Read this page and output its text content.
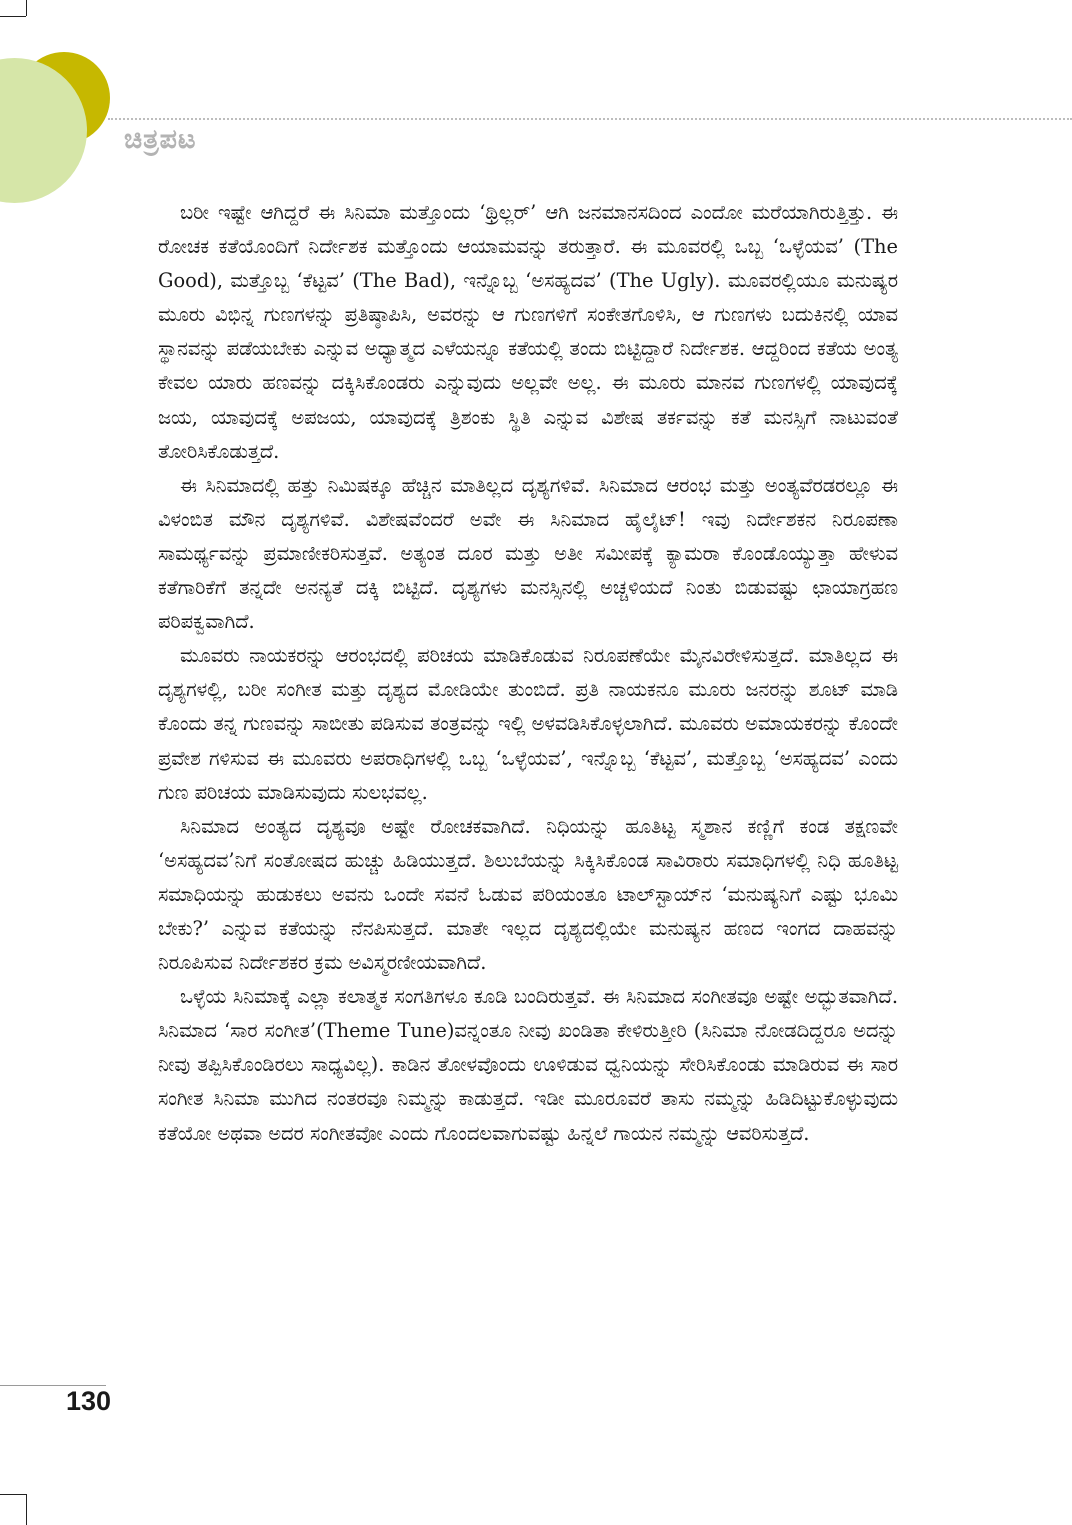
ಚಿತ್ರಪಟ

ಬರೀ ಇಷ್ಟೇ ಆಗಿದ್ದರೆ ಈ ಸಿನಿಮಾ ಮತ್ತೊಂದು ‘ಥ್ರಿಲ್ಲರ್’ ಆಗಿ ಜನಮಾನಸದಿಂದ ಎಂದೋ ಮರೆಯಾಗಿರುತ್ತಿತ್ತು. ಈ ರೋಚಕ ಕತೆಯೊಂದಿಗೆ ನಿರ್ದೇಶಕ ಮತ್ತೊಂದು ಆಯಾಮವನ್ನು ತರುತ್ತಾರೆ. ಈ ಮೂವರಲ್ಲಿ ಒಬ್ಬ ‘ಒಳ್ಳೆಯವ’ (The Good), ಮತ್ತೊಬ್ಬ ‘ಕೆಟ್ಟವ’ (The Bad), ಇನ್ನೊಬ್ಬ ‘ಅಸಹ್ಯದವ’ (The Ugly). ಮೂವರಲ್ಲಿಯೂ ಮನುಷ್ಯರ ಮೂರು ವಿಭಿನ್ನ ಗುಣಗಳನ್ನು ಪ್ರತಿಷ್ಠಾಪಿಸಿ, ಅವರನ್ನು ಆ ಗುಣಗಳಿಗೆ ಸಂಕೇತಗೊಳಿಸಿ, ಆ ಗುಣಗಳು ಬದುಕಿನಲ್ಲಿ ಯಾವ ಸ್ಥಾನವನ್ನು ಪಡೆಯಬೇಕು ಎನ್ನುವ ಅಧ್ಯಾತ್ಮದ ಎಳೆಯನ್ನೂ ಕತೆಯಲ್ಲಿ ತಂದು ಬಿಟ್ಟಿದ್ದಾರೆ ನಿರ್ದೇಶಕ. ಆದ್ದರಿಂದ ಕತೆಯ ಅಂತ್ಯ ಕೇವಲ ಯಾರು ಹಣವನ್ನು ದಕ್ಕಿಸಿಕೊಂಡರು ಎನ್ನುವುದು ಅಲ್ಲವೇ ಅಲ್ಲ. ಈ ಮೂರು ಮಾನವ ಗುಣಗಳಲ್ಲಿ ಯಾವುದಕ್ಕೆ ಜಯ, ಯಾವುದಕ್ಕೆ ಅಪಜಯ, ಯಾವುದಕ್ಕೆ ತ್ರಿಶಂಕು ಸ್ಥಿತಿ ಎನ್ನುವ ವಿಶೇಷ ತರ್ಕವನ್ನು ಕತೆ ಮನಸ್ಸಿಗೆ ನಾಟುವಂತೆ ತೋರಿಸಿಕೊಡುತ್ತದೆ.

ಈ ಸಿನಿಮಾದಲ್ಲಿ ಹತ್ತು ನಿಮಿಷಕ್ಕೂ ಹೆಚ್ಚಿನ ಮಾತಿಲ್ಲದ ದೃಶ್ಯಗಳಿವೆ. ಸಿನಿಮಾದ ಆರಂಭ ಮತ್ತು ಅಂತ್ಯವೆರಡರಲ್ಲೂ ಈ ವಿಳಂಬಿತ ಮೌನ ದೃಶ್ಯಗಳಿವೆ. ವಿಶೇಷವೆಂದರೆ ಅವೇ ಈ ಸಿನಿಮಾದ ಹೈಲೈಟ್! ಇವು ನಿರ್ದೇಶಕನ ನಿರೂಪಣಾ ಸಾಮರ್ಥ್ಯವನ್ನು ಪ್ರಮಾಣೀಕರಿಸುತ್ತವೆ. ಅತ್ಯಂತ ದೂರ ಮತ್ತು ಅತೀ ಸಮೀಪಕ್ಕೆ ಕ್ಯಾಮರಾ ಕೊಂಡೊಯ್ಯುತ್ತಾ ಹೇಳುವ ಕತೆಗಾರಿಕೆಗೆ ತನ್ನದೇ ಅನನ್ಯತೆ ದಕ್ಕಿ ಬಿಟ್ಟಿದೆ. ದೃಶ್ಯಗಳು ಮನಸ್ಸಿನಲ್ಲಿ ಅಚ್ಚಳಿಯದೆ ನಿಂತು ಬಿಡುವಷ್ಟು ಛಾಯಾಗ್ರಹಣ ಪರಿಪಕ್ವವಾಗಿದೆ.

ಮೂವರು ನಾಯಕರನ್ನು ಆರಂಭದಲ್ಲಿ ಪರಿಚಯ ಮಾಡಿಕೊಡುವ ನಿರೂಪಣೆಯೇ ಮೈನವಿರೇಳಿಸುತ್ತದೆ. ಮಾತಿಲ್ಲದ ಈ ದೃಶ್ಯಗಳಲ್ಲಿ, ಬರೀ ಸಂಗೀತ ಮತ್ತು ದೃಶ್ಯದ ಮೋಡಿಯೇ ತುಂಬಿದೆ. ಪ್ರತಿ ನಾಯಕನೂ ಮೂರು ಜನರನ್ನು ಶೂಟ್ ಮಾಡಿ ಕೊಂದು ತನ್ನ ಗುಣವನ್ನು ಸಾಬೀತು ಪಡಿಸುವ ತಂತ್ರವನ್ನು ಇಲ್ಲಿ ಅಳವಡಿಸಿಕೊಳ್ಳಲಾಗಿದೆ. ಮೂವರು ಅಮಾಯಕರನ್ನು ಕೊಂದೇ ಪ್ರವೇಶ ಗಳಿಸುವ ಈ ಮೂವರು ಅಪರಾಧಿಗಳಲ್ಲಿ ಒಬ್ಬ ‘ಒಳ್ಳೆಯವ’, ಇನ್ನೊಬ್ಬ ‘ಕೆಟ್ಟವ’, ಮತ್ತೊಬ್ಬ ‘ಅಸಹ್ಯದವ’ ಎಂದು ಗುಣ ಪರಿಚಯ ಮಾಡಿಸುವುದು ಸುಲಭವಲ್ಲ.

ಸಿನಿಮಾದ ಅಂತ್ಯದ ದೃಶ್ಯವೂ ಅಷ್ಟೇ ರೋಚಕವಾಗಿದೆ. ನಿಧಿಯನ್ನು ಹೂತಿಟ್ಟ ಸ್ಮಶಾನ ಕಣ್ಣಿಗೆ ಕಂಡ ತಕ್ಷಣವೇ ‘ಅಸಹ್ಯದವ’ನಿಗೆ ಸಂತೋಷದ ಹುಚ್ಚು ಹಿಡಿಯುತ್ತದೆ. ಶಿಲುಬೆಯನ್ನು ಸಿಕ್ಕಿಸಿಕೊಂಡ ಸಾವಿರಾರು ಸಮಾಧಿಗಳಲ್ಲಿ ನಿಧಿ ಹೂತಿಟ್ಟ ಸಮಾಧಿಯನ್ನು ಹುಡುಕಲು ಅವನು ಒಂದೇ ಸವನೆ ಓಡುವ ಪರಿಯಂತೂ ಟಾಲ್‌ಸ್ಟಾಯ್‌ನ ‘ಮನುಷ್ಯನಿಗೆ ಎಷ್ಟು ಭೂಮಿ ಬೇಕು?’ ಎನ್ನುವ ಕತೆಯನ್ನು ನೆನಪಿಸುತ್ತದೆ. ಮಾತೇ ಇಲ್ಲದ ದೃಶ್ಯದಲ್ಲಿಯೇ ಮನುಷ್ಯನ ಹಣದ ಇಂಗದ ದಾಹವನ್ನು ನಿರೂಪಿಸುವ ನಿರ್ದೇಶಕರ ಕ್ರಮ ಅವಿಸ್ಮರಣೀಯವಾಗಿದೆ.

ಒಳ್ಳೆಯ ಸಿನಿಮಾಕ್ಕೆ ಎಲ್ಲಾ ಕಲಾತ್ಮಕ ಸಂಗತಿಗಳೂ ಕೂಡಿ ಬಂದಿರುತ್ತವೆ. ಈ ಸಿನಿಮಾದ ಸಂಗೀತವೂ ಅಷ್ಟೇ ಅದ್ಭುತವಾಗಿದೆ. ಸಿನಿಮಾದ ‘ಸಾರ ಸಂಗೀತ’(Theme Tune)ವನ್ನಂತೂ ನೀವು ಖಂಡಿತಾ ಕೇಳಿರುತ್ತೀರಿ (ಸಿನಿಮಾ ನೋಡದಿದ್ದರೂ ಅದನ್ನು ನೀವು ತಪ್ಪಿಸಿಕೊಂಡಿರಲು ಸಾಧ್ಯವಿಲ್ಲ). ಕಾಡಿನ ತೋಳವೊಂದು ಊಳಿಡುವ ಧ್ವನಿಯನ್ನು ಸೇರಿಸಿಕೊಂಡು ಮಾಡಿರುವ ಈ ಸಾರ ಸಂಗೀತ ಸಿನಿಮಾ ಮುಗಿದ ನಂತರವೂ ನಿಮ್ಮನ್ನು ಕಾಡುತ್ತದೆ. ಇಡೀ ಮೂರೂವರೆ ತಾಸು ನಮ್ಮನ್ನು ಹಿಡಿದಿಟ್ಟುಕೊಳ್ಳುವುದು ಕತೆಯೋ ಅಥವಾ ಅದರ ಸಂಗೀತವೋ ಎಂದು ಗೊಂದಲವಾಗುವಷ್ಟು ಹಿನ್ನಲೆ ಗಾಯನ ನಮ್ಮನ್ನು ಆವರಿಸುತ್ತದೆ.

130
